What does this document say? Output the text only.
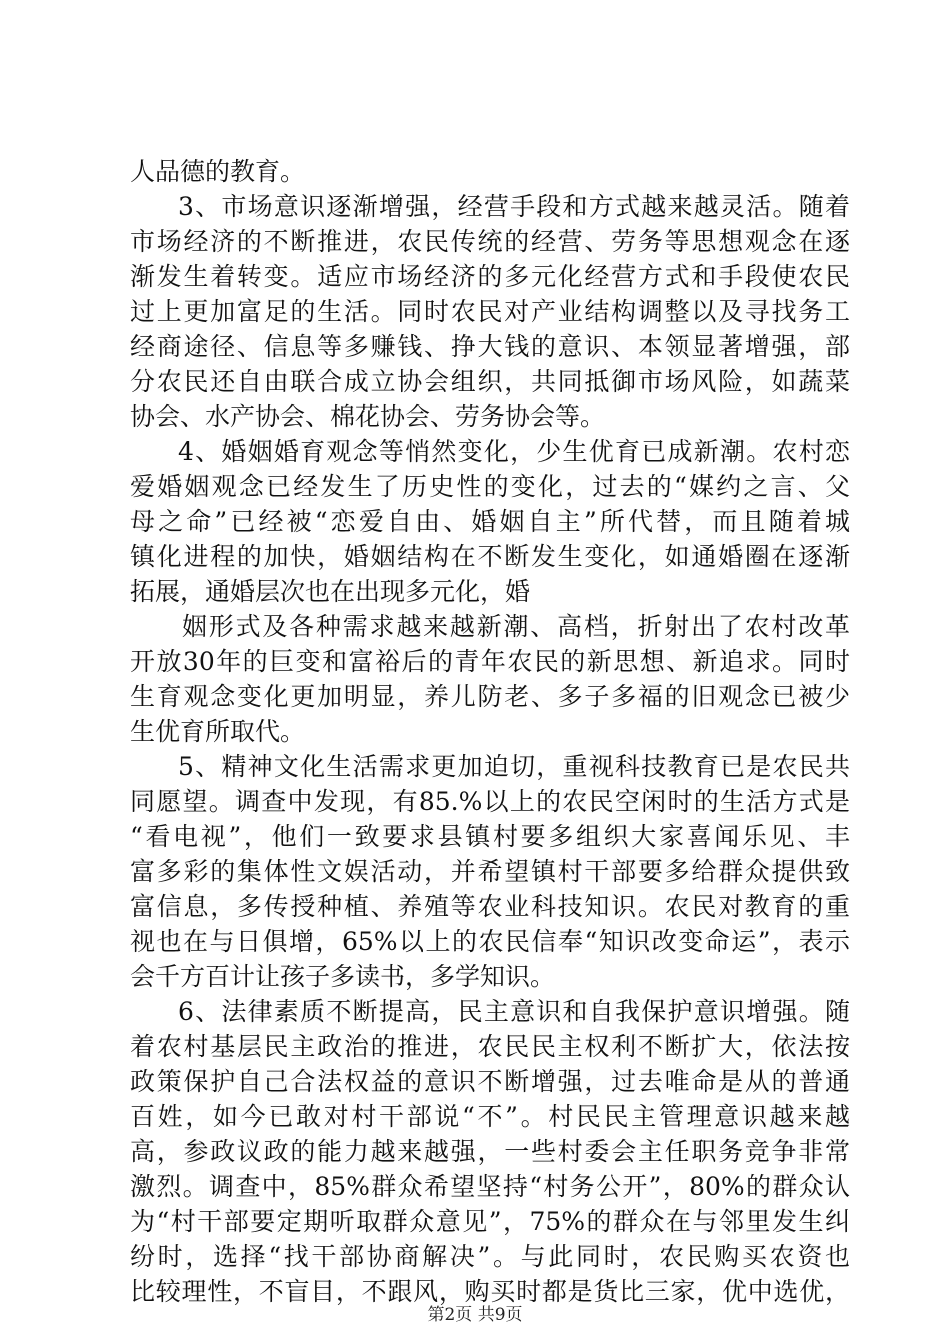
人品德的教育。
3、市场意识逐渐增强，经营手段和方式越来越灵活。随着
市场经济的不断推进，农民传统的经营、劳务等思想观念在逐
渐发生着转变。适应市场经济的多元化经营方式和手段使农民
过上更加富足的生活。同时农民对产业结构调整以及寻找务工
经商途径、信息等多赚钱、挣大钱的意识、本领显著增强，部
分农民还自由联合成立协会组织，共同抵御市场风险，如蔬菜
协会、水产协会、棉花协会、劳务协会等。
4、婚姻婚育观念等悄然变化，少生优育已成新潮。农村恋
爱婚姻观念已经发生了历史性的变化，过去的“媒约之言、父
母之命”已经被“恋爱自由、婚姻自主”所代替，而且随着城
镇化进程的加快，婚姻结构在不断发生变化，如通婚圈在逐渐
拓展，通婚层次也在出现多元化，婚
姻形式及各种需求越来越新潮、高档，折射出了农村改革
开放30年的巨变和富裕后的青年农民的新思想、新追求。同时
生育观念变化更加明显，养儿防老、多子多福的旧观念已被少
生优育所取代。
5、精神文化生活需求更加迫切，重视科技教育已是农民共
同愿望。调查中发现，有85.%以上的农民空闲时的生活方式是
“看电视”，他们一致要求县镇村要多组织大家喜闻乐见、丰
富多彩的集体性文娱活动，并希望镇村干部要多给群众提供致
富信息，多传授种植、养殖等农业科技知识。农民对教育的重
视也在与日俱增，65%以上的农民信奉“知识改变命运”，表示
会千方百计让孩子多读书，多学知识。
6、法律素质不断提高，民主意识和自我保护意识增强。随
着农村基层民主政治的推进，农民民主权利不断扩大，依法按
政策保护自己合法权益的意识不断增强，过去唯命是从的普通
百姓，如今已敢对村干部说“不”。村民民主管理意识越来越
高，参政议政的能力越来越强，一些村委会主任职务竞争非常
激烈。调查中，85%群众希望坚持“村务公开”，80%的群众认
为“村干部要定期听取群众意见”，75%的群众在与邻里发生纠
纷时，选择“找干部协商解决”。与此同时，农民购买农资也
比较理性，不盲目，不跟风，购买时都是货比三家，优中选优，
第2页 共9页
